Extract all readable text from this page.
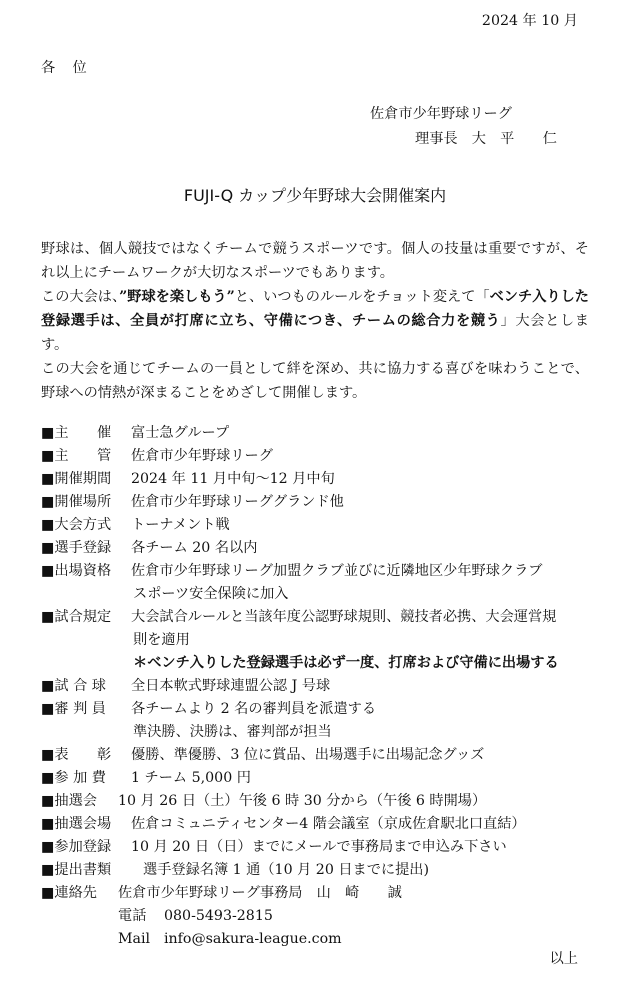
2024 年 10 月
各 位
佐倉市少年野球リーグ
理事長　大　平　　仁
FUJI-Q カップ少年野球大会開催案内

野球は、個人競技ではなくチームで競うスポーツです。個人の技量は重要ですが、それ以上にチームワークが大切なスポーツでもあります。

この大会は、”野球を楽しもう”と、いつものルールをチョット変えて「ベンチ入りした登録選手は、全員が打席に立ち、守備につき、チームの総合力を競う」大会とします。

この大会を通じてチームの一員として絆を深め、共に協力する喜びを味わうことで、野球への情熱が深まることをめざして開催します。

■主　　催 富士急グループ
■主　　管 佐倉市少年野球リーグ
■開催期間 2024 年 11 月中旬〜12 月中旬
■開催場所 佐倉市少年野球リーググランド他
■大会方式 トーナメント戦
■選手登録 各チーム 20 名以内
■出場資格 佐倉市少年野球リーグ加盟クラブ並びに近隣地区少年野球クラブ
スポーツ安全保険に加入
■試合規定 大会試合ルールと当該年度公認野球規則、競技者必携、大会運営規
則を適用
＊ベンチ入りした登録選手は必ず一度、打席および守備に出場する
■試 合 球 全日本軟式野球連盟公認 J 号球
■審 判 員 各チームより 2 名の審判員を派遣する
準決勝、決勝は、審判部が担当
■表　　彰 優勝、準優勝、3 位に賞品、出場選手に出場記念グッズ
■参 加 費 1 チーム 5,000 円
■抽選会 10 月 26 日（土）午後 6 時 30 分から（午後 6 時開場）
■抽選会場 佐倉コミュニティセンター4 階会議室（京成佐倉駅北口直結）
■参加登録 10 月 20 日（日）までにメールで事務局まで申込み下さい
■提出書類 選手登録名簿 1 通（10 月 20 日までに提出)
■連絡先 佐倉市少年野球リーグ事務局　山　崎　　誠
電話 080-5493-2815
Mail info@sakura-league.com
以上
